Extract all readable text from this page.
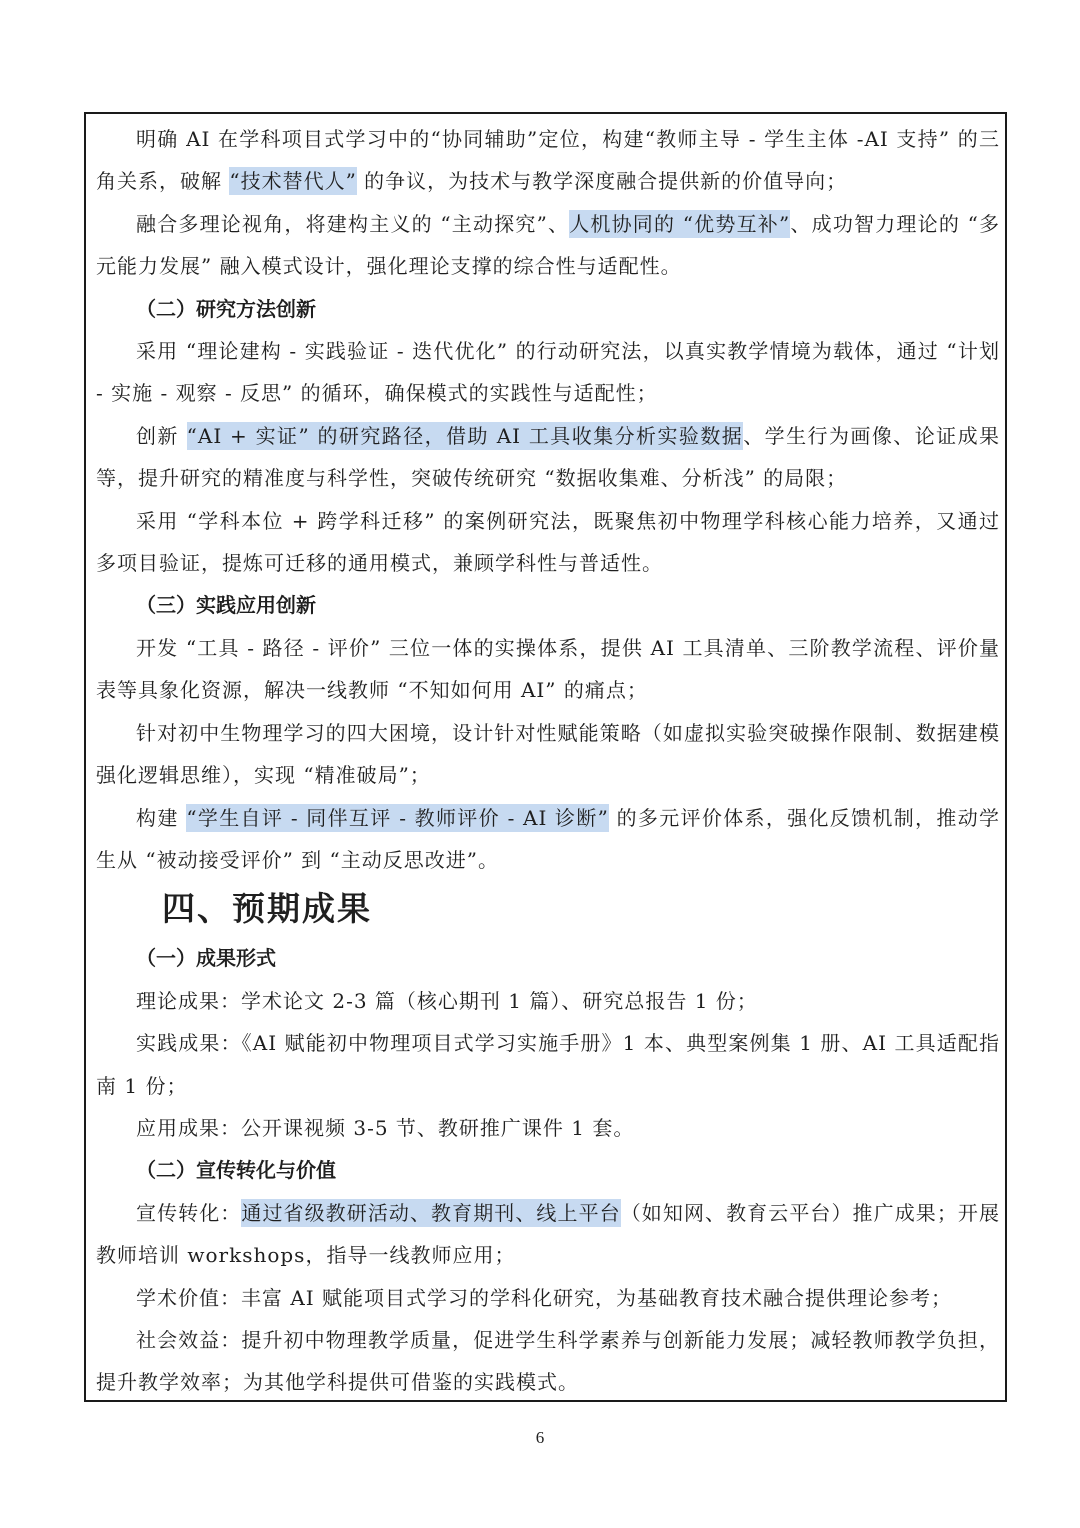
明确 AI 在学科项目式学习中的“协同辅助”定位，构建“教师主导 - 学生主体 -AI 支持” 的三角关系，破解 “技术替代人” 的争议，为技术与教学深度融合提供新的价值导向；

融合多理论视角，将建构主义的 “主动探究”、人机协同的 “优势互补”、成功智力理论的 “多元能力发展” 融入模式设计，强化理论支撑的综合性与适配性。

（二）研究方法创新

采用 “理论建构 - 实践验证 - 迭代优化” 的行动研究法，以真实教学情境为载体，通过 “计划 - 实施 - 观察 - 反思” 的循环，确保模式的实践性与适配性；

创新 “AI + 实证” 的研究路径，借助 AI 工具收集分析实验数据、学生行为画像、论证成果等，提升研究的精准度与科学性，突破传统研究 “数据收集难、分析浅” 的局限；

采用 “学科本位 + 跨学科迁移” 的案例研究法，既聚焦初中物理学科核心能力培养，又通过多项目验证，提炼可迁移的通用模式，兼顾学科性与普适性。

（三）实践应用创新

开发 “工具 - 路径 - 评价” 三位一体的实操体系，提供 AI 工具清单、三阶教学流程、评价量表等具象化资源，解决一线教师 “不知如何用 AI” 的痛点；

针对初中生物理学习的四大困境，设计针对性赋能策略（如虚拟实验突破操作限制、数据建模强化逻辑思维），实现 “精准破局”；

构建 “学生自评 - 同伴互评 - 教师评价 - AI 诊断” 的多元评价体系，强化反馈机制，推动学生从 “被动接受评价” 到 “主动反思改进”。

四、预期成果
（一）成果形式

理论成果：学术论文 2-3 篇（核心期刊 1 篇）、研究总报告 1 份；

实践成果：《AI 赋能初中物理项目式学习实施手册》1 本、典型案例集 1 册、AI 工具适配指南 1 份；

应用成果：公开课视频 3-5 节、教研推广课件 1 套。

（二）宣传转化与价值

宣传转化：通过省级教研活动、教育期刊、线上平台（如知网、教育云平台）推广成果；开展教师培训 workshops，指导一线教师应用；

学术价值：丰富 AI 赋能项目式学习的学科化研究，为基础教育技术融合提供理论参考；

社会效益：提升初中物理教学质量，促进学生科学素养与创新能力发展；减轻教师教学负担，提升教学效率；为其他学科提供可借鉴的实践模式。

6
